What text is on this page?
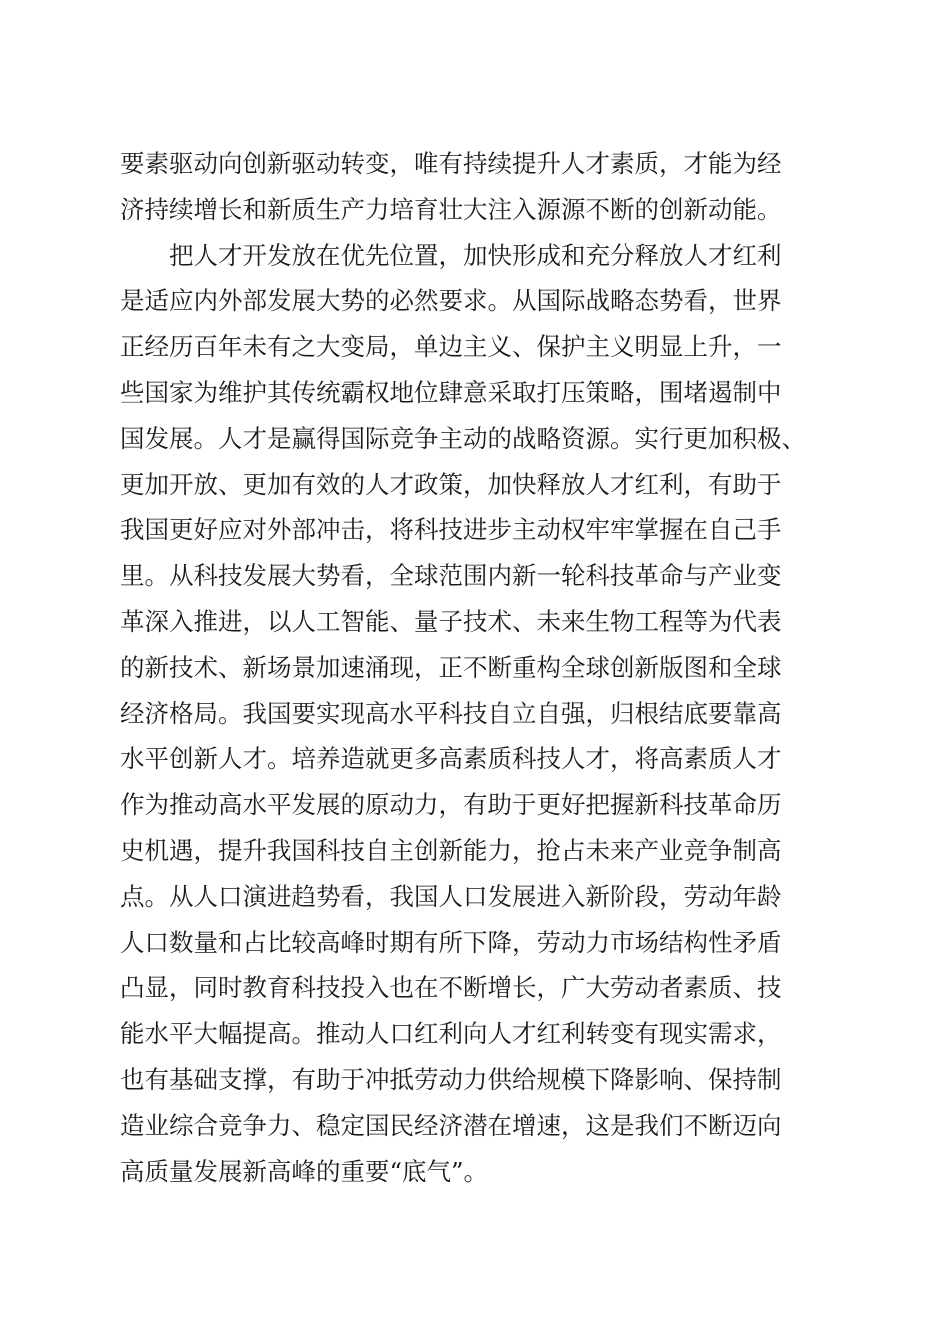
要素驱动向创新驱动转变，唯有持续提升人才素质，才能为经
济持续增长和新质生产力培育壮大注入源源不断的创新动能。
　　把人才开发放在优先位置，加快形成和充分释放人才红利
是适应内外部发展大势的必然要求。从国际战略态势看，世界
正经历百年未有之大变局，单边主义、保护主义明显上升，一
些国家为维护其传统霸权地位肆意采取打压策略，围堵遏制中
国发展。人才是赢得国际竞争主动的战略资源。实行更加积极、
更加开放、更加有效的人才政策，加快释放人才红利，有助于
我国更好应对外部冲击，将科技进步主动权牢牢掌握在自己手
里。从科技发展大势看，全球范围内新一轮科技革命与产业变
革深入推进，以人工智能、量子技术、未来生物工程等为代表
的新技术、新场景加速涌现，正不断重构全球创新版图和全球
经济格局。我国要实现高水平科技自立自强，归根结底要靠高
水平创新人才。培养造就更多高素质科技人才，将高素质人才
作为推动高水平发展的原动力，有助于更好把握新科技革命历
史机遇，提升我国科技自主创新能力，抢占未来产业竞争制高
点。从人口演进趋势看，我国人口发展进入新阶段，劳动年龄
人口数量和占比较高峰时期有所下降，劳动力市场结构性矛盾
凸显，同时教育科技投入也在不断增长，广大劳动者素质、技
能水平大幅提高。推动人口红利向人才红利转变有现实需求，
也有基础支撑，有助于冲抵劳动力供给规模下降影响、保持制
造业综合竞争力、稳定国民经济潜在增速，这是我们不断迈向
高质量发展新高峰的重要“底气”。
